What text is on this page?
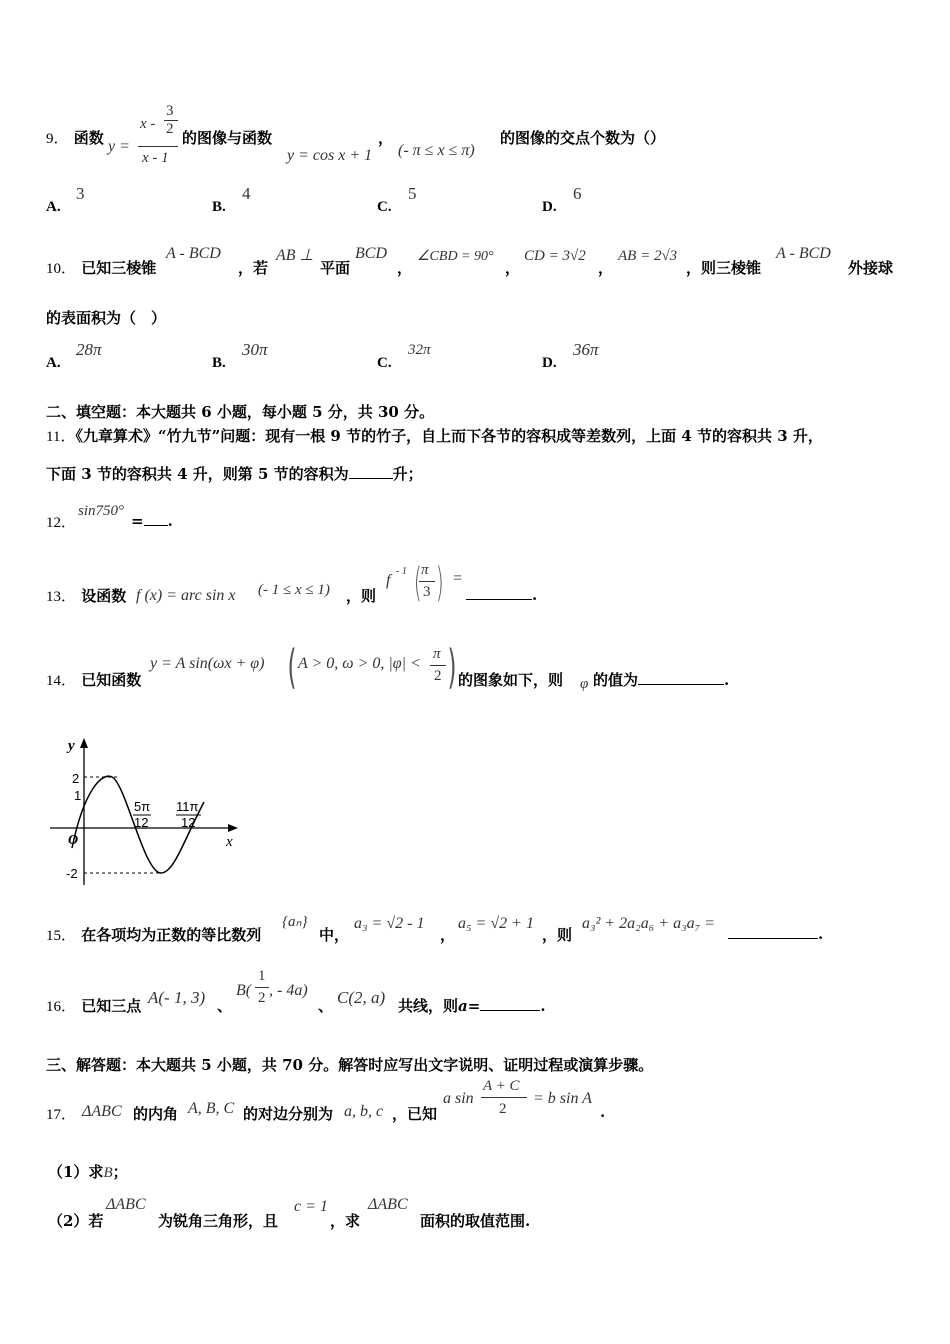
9． 函数 y =
x -
3
2
x - 1
的图像与函数
y = cos x + 1
，
(- π ≤ x ≤ π)
的图像的交点个数为（）
A.
3
B.
4
C.
5
D.
6
10． 已知三棱锥
A - BCD
，若
AB ⊥
平面
BCD
，
∠CBD = 90°
，
CD = 3√2
，
AB = 2√3
，则三棱锥
A - BCD
外接球
的表面积为（　）
A.
28π
B.
30π
C.
32π
D.
36π
二、填空题：本大题共 6 小题，每小题 5 分，共 30 分。
11．《九章算术》“竹九节”问题：现有一根 9 节的竹子，自上而下各节的容积成等差数列，上面 4 节的容积共 3 升，
下面 3 节的容积共 4 升，则第 5 节的容积为	升；
12．
sin750°
= .
13． 设函数 f (x) = arc sin x (- 1 ≤ x ≤ 1) ，则
f
- 1 ( π
3 ) =
.
14． 已知函数
y = A sin(ωx + φ) ( A > 0, ω > 0, |φ| <
π
2 ) 的图象如下，则 φ 的值为	.
y
x
O
2
1
-2
5π
12
11π
12
15． 在各项均为正数的等比数列
{aₙ}
中，
a₃ = √2 - 1
，
a₅ = √2 + 1
，则
a₃² + 2a₂a₆ + a₃a₇ =
.
16． 已知三点 A(- 1, 3) 、
B(
1
2 , - 4a)
、 C(2, a) 共线，则a=	.
三、解答题：本大题共 5 小题，共 70 分。解答时应写出文字说明、证明过程或演算步骤。
17． ΔABC 的内角 A, B, C 的对边分别为 a, b, c ，已知
a sin
A + C
2
= b sin A
.
（1）求B；
（2）若
ΔABC
为锐角三角形，且
c = 1
，求
ΔABC
面积的取值范围.
